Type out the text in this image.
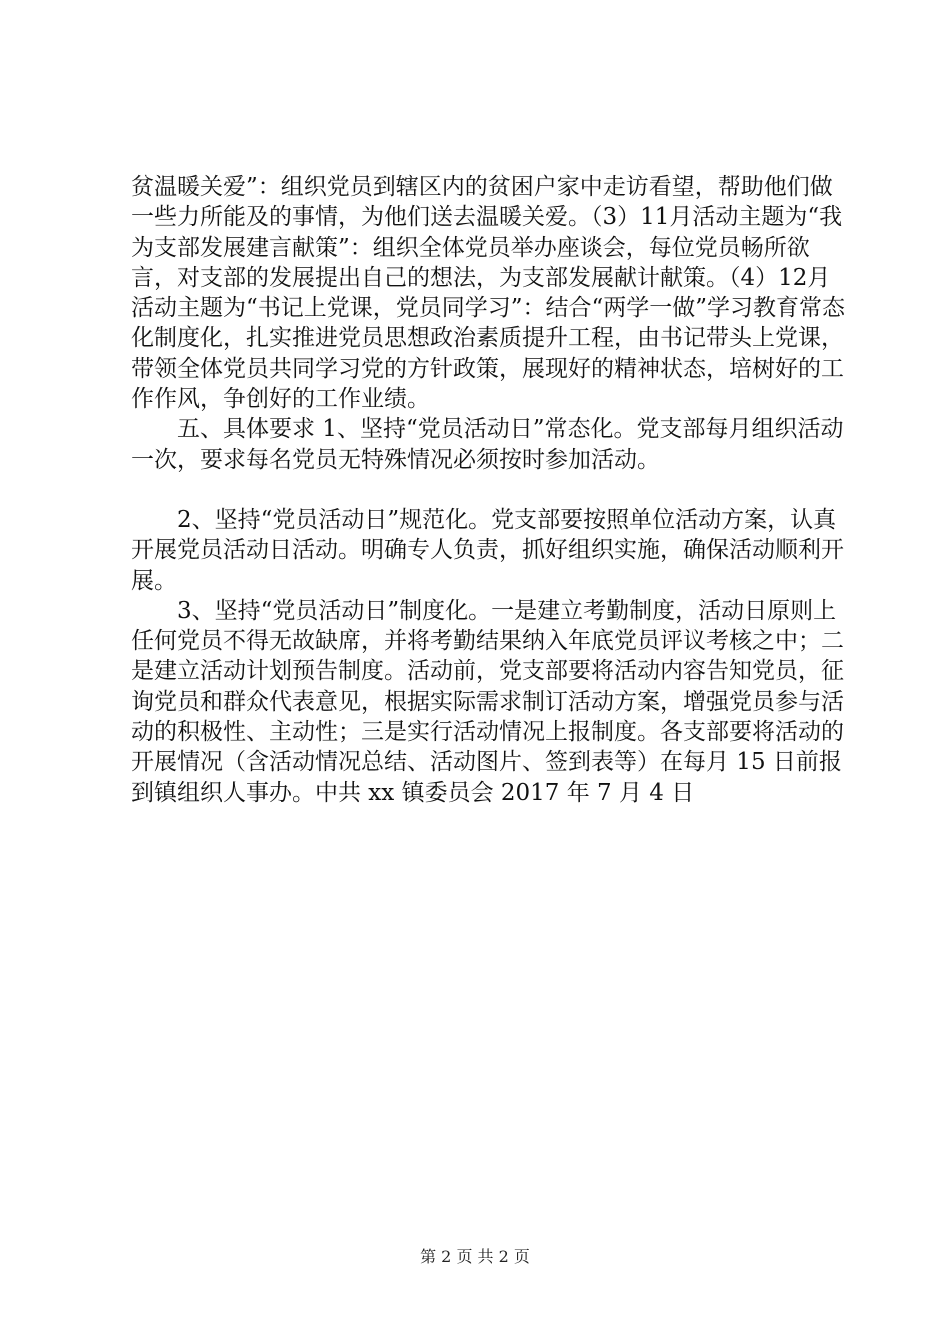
贫温暖关爱”：组织党员到辖区内的贫困户家中走访看望，帮助他们做一些力所能及的事情，为他们送去温暖关爱。（3）11月活动主题为“我为支部发展建言献策”：组织全体党员举办座谈会，每位党员畅所欲言，对支部的发展提出自己的想法，为支部发展献计献策。（4）12月活动主题为“书记上党课，党员同学习”：结合“两学一做”学习教育常态化制度化，扎实推进党员思想政治素质提升工程，由书记带头上党课，带领全体党员共同学习党的方针政策，展现好的精神状态，培树好的工作作风，争创好的工作业绩。

五、具体要求 1、坚持“党员活动日”常态化。党支部每月组织活动一次，要求每名党员无特殊情况必须按时参加活动。

2、坚持“党员活动日”规范化。党支部要按照单位活动方案，认真开展党员活动日活动。明确专人负责，抓好组织实施，确保活动顺利开展。

3、坚持“党员活动日”制度化。一是建立考勤制度，活动日原则上任何党员不得无故缺席，并将考勤结果纳入年底党员评议考核之中；二是建立活动计划预告制度。活动前，党支部要将活动内容告知党员，征询党员和群众代表意见，根据实际需求制订活动方案，增强党员参与活动的积极性、主动性；三是实行活动情况上报制度。各支部要将活动的开展情况（含活动情况总结、活动图片、签到表等）在每月 15 日前报到镇组织人事办。中共 xx 镇委员会 2017 年 7 月 4 日

第 2 页 共 2 页
